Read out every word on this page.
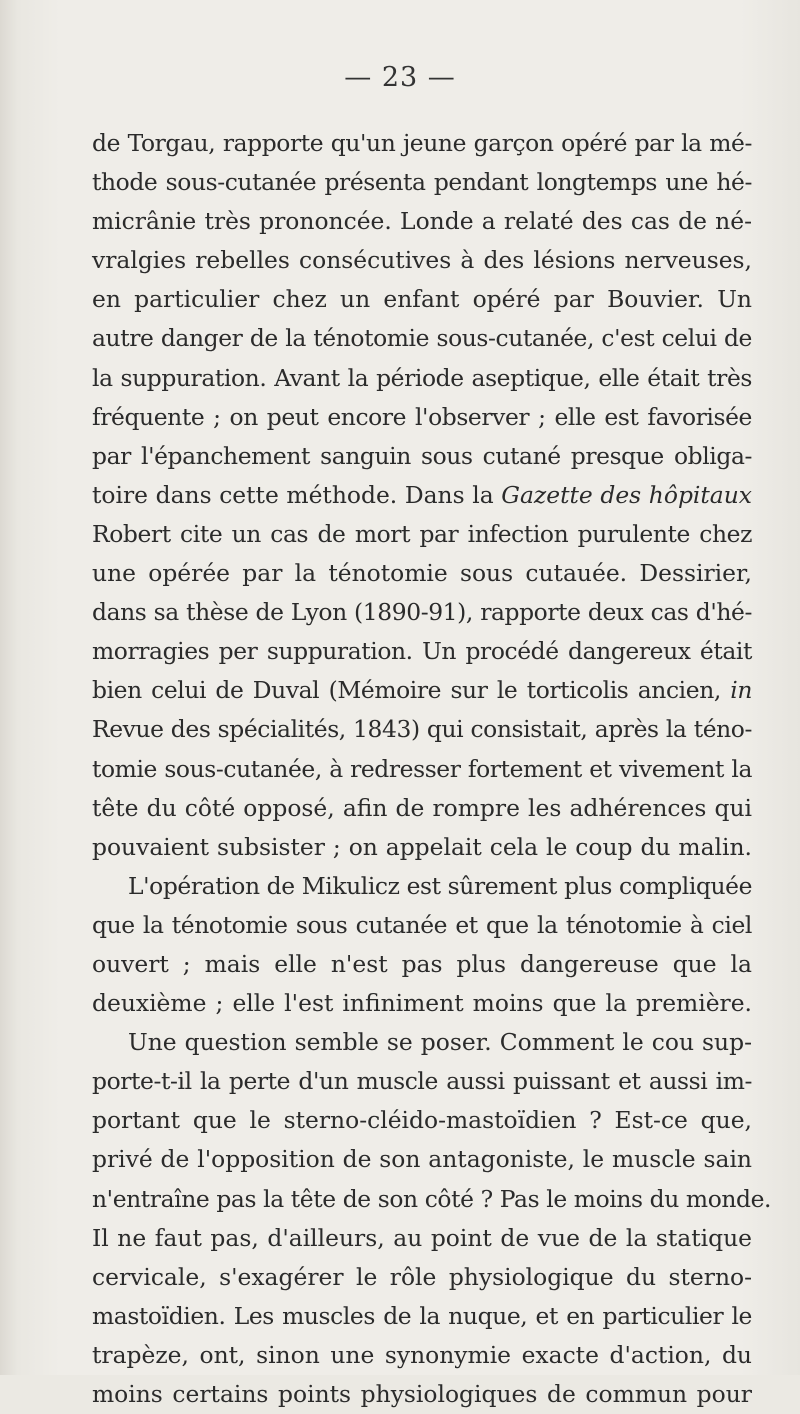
— 23 —
de Torgau, rapporte qu'un jeune garçon opéré par la mé-
thode sous-cutanée présenta pendant longtemps une hé-
micrânie très prononcée. Londe a relaté des cas de né-
vralgies rebelles consécutives à des lésions nerveuses,
en particulier chez un enfant opéré par Bouvier. Un
autre danger de la ténotomie sous-cutanée, c'est celui de
la suppuration. Avant la période aseptique, elle était très
fréquente ; on peut encore l'observer ; elle est favorisée
par l'épanchement sanguin sous cutané presque obliga-
toire dans cette méthode. Dans la Gazette des hôpitaux
Robert cite un cas de mort par infection purulente chez
une opérée par la ténotomie sous cutauée. Dessirier,
dans sa thèse de Lyon (1890-91), rapporte deux cas d'hé-
morragies per suppuration. Un procédé dangereux était
bien celui de Duval (Mémoire sur le torticolis ancien, in
Revue des spécialités, 1843) qui consistait, après la téno-
tomie sous-cutanée, à redresser fortement et vivement la
tête du côté opposé, afin de rompre les adhérences qui
pouvaient subsister ; on appelait cela le coup du malin.
L'opération de Mikulicz est sûrement plus compliquée
que la ténotomie sous cutanée et que la ténotomie à ciel
ouvert ; mais elle n'est pas plus dangereuse que la
deuxième ; elle l'est infiniment moins que la première.
Une question semble se poser. Comment le cou sup-
porte-t-il la perte d'un muscle aussi puissant et aussi im-
portant que le sterno-cléido-mastoïdien ? Est-ce que,
privé de l'opposition de son antagoniste, le muscle sain
n'entraîne pas la tête de son côté ? Pas le moins du monde.
Il ne faut pas, d'ailleurs, au point de vue de la statique
cervicale, s'exagérer le rôle physiologique du sterno-
mastoïdien. Les muscles de la nuque, et en particulier le
trapèze, ont, sinon une synonymie exacte d'action, du
moins certains points physiologiques de commun pour
